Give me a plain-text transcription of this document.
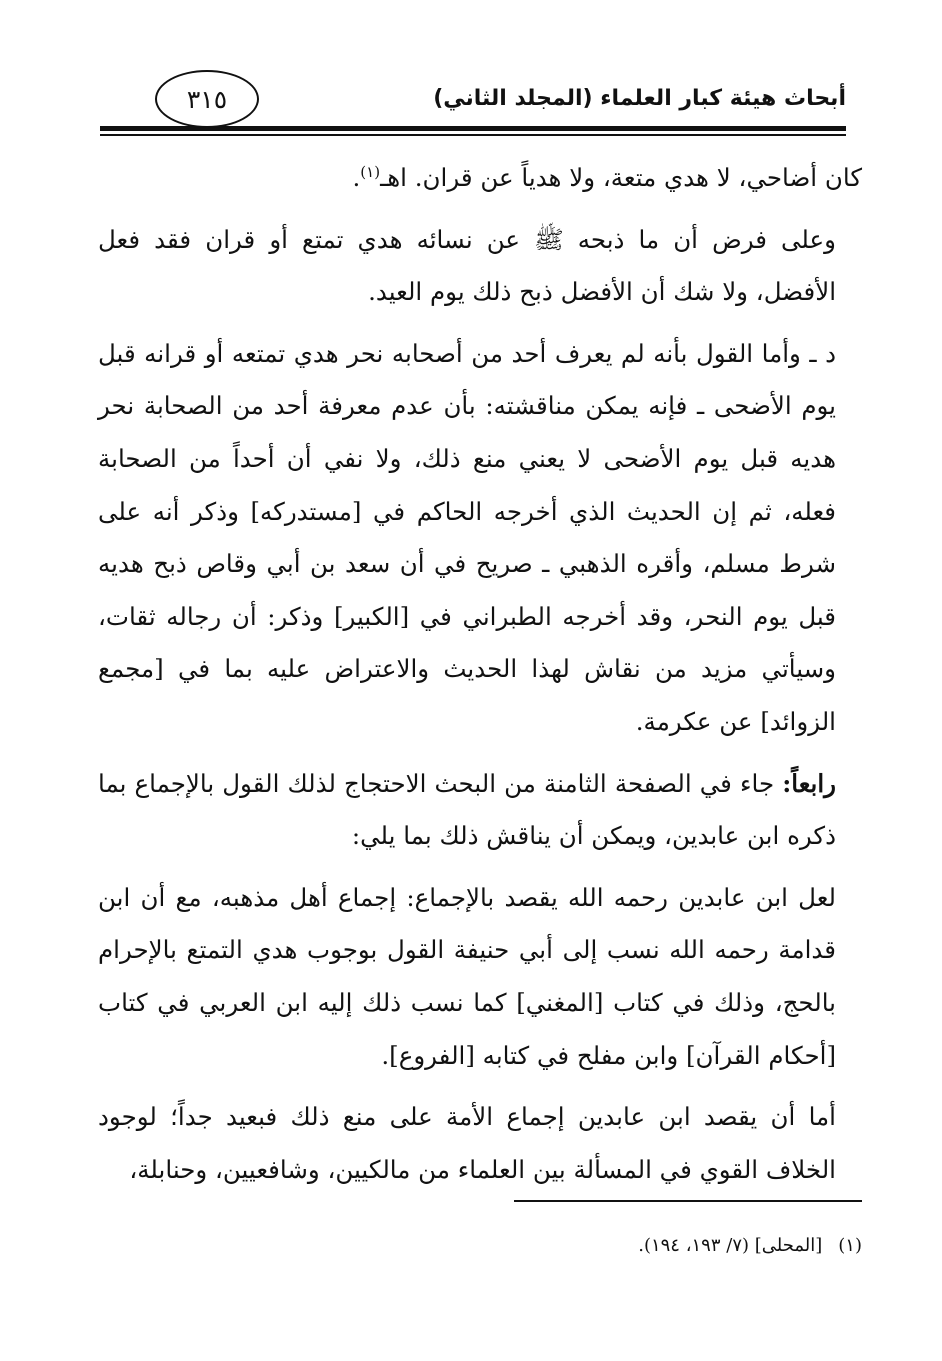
أبحاث هيئة كبار العلماء (المجلد الثاني)
٣١٥

كان أضاحي، لا هدي متعة، ولا هدياً عن قران. اهـ$^{(١)}$.

وعلى فرض أن ما ذبحه ﷺ عن نسائه هدي تمتع أو قران فقد فعل الأفضل، ولا شك أن الأفضل ذبح ذلك يوم العيد.

د ـ وأما القول بأنه لم يعرف أحد من أصحابه نحر هدي تمتعه أو قرانه قبل يوم الأضحى ـ فإنه يمكن مناقشته: بأن عدم معرفة أحد من الصحابة نحر هديه قبل يوم الأضحى لا يعني منع ذلك، ولا نفي أن أحداً من الصحابة فعله، ثم إن الحديث الذي أخرجه الحاكم في [مستدركه] وذكر أنه على شرط مسلم، وأقره الذهبي ـ صريح في أن سعد بن أبي وقاص ذبح هديه قبل يوم النحر، وقد أخرجه الطبراني في [الكبير] وذكر: أن رجاله ثقات، وسيأتي مزيد من نقاش لهذا الحديث والاعتراض عليه بما في [مجمع الزوائد] عن عكرمة.

رابعاً: جاء في الصفحة الثامنة من البحث الاحتجاج لذلك القول بالإجماع بما ذكره ابن عابدين، ويمكن أن يناقش ذلك بما يلي:

لعل ابن عابدين رحمه الله يقصد بالإجماع: إجماع أهل مذهبه، مع أن ابن قدامة رحمه الله نسب إلى أبي حنيفة القول بوجوب هدي التمتع بالإحرام بالحج، وذلك في كتاب [المغني] كما نسب ذلك إليه ابن العربي في كتاب [أحكام القرآن] وابن مفلح في كتابه [الفروع].

أما أن يقصد ابن عابدين إجماع الأمة على منع ذلك فبعيد جداً؛ لوجود الخلاف القوي في المسألة بين العلماء من مالكيين، وشافعيين، وحنابلة،

(١)[المحلى] (٧/ ١٩٣، ١٩٤).
